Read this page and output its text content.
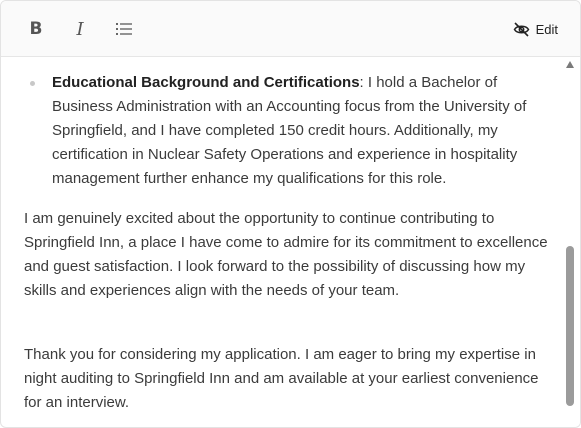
B	I	Edit
Educational Background and Certifications: I hold a Bachelor of Business Administration with an Accounting focus from the University of Springfield, and I have completed 150 credit hours. Additionally, my certification in Nuclear Safety Operations and experience in hospitality management further enhance my qualifications for this role.

I am genuinely excited about the opportunity to continue contributing to Springfield Inn, a place I have come to admire for its commitment to excellence and guest satisfaction. I look forward to the possibility of discussing how my skills and experiences align with the needs of your team.

Thank you for considering my application. I am eager to bring my expertise in night auditing to Springfield Inn and am available at your earliest convenience for an interview.
